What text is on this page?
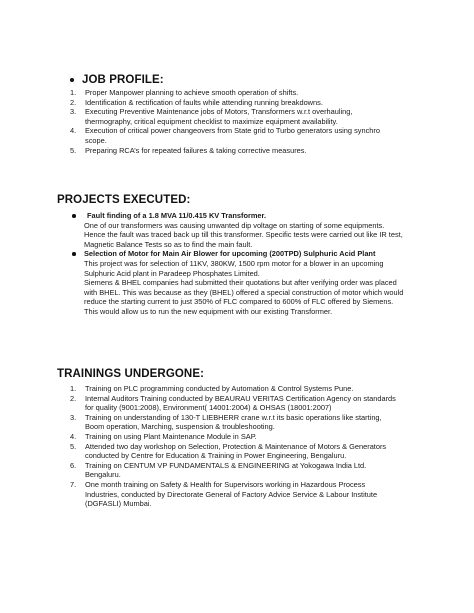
JOB PROFILE:
1. Proper Manpower planning to achieve smooth operation of shifts.
2. Identification & rectification of faults while attending running breakdowns.
3. Executing Preventive Maintenance jobs of Motors, Transformers w.r.t overhauling, thermography, critical equipment checklist to maximize equipment availability.
4. Execution of critical power changeovers from State grid to Turbo generators using synchro scope.
5. Preparing RCA’s for repeated failures & taking corrective measures.
PROJECTS EXECUTED:
Fault finding of a 1.8 MVA 11/0.415 KV Transformer.
One of our transformers was causing unwanted dip voltage on starting of some equipments. Hence the fault was traced back up till this transformer. Specific tests were carried out like IR test, Magnetic Balance Tests so as to find the main fault.
Selection of Motor for Main Air Blower for upcoming (200TPD) Sulphuric Acid Plant
This project was for selection of 11KV, 380KW, 1500 rpm motor for a blower in an upcoming Sulphuric Acid plant in Paradeep Phosphates Limited.
Siemens & BHEL companies had submitted their quotations but after verifying order was placed with BHEL. This was because as they (BHEL) offered a special construction of motor which would reduce the starting current to just 350% of FLC compared to 600% of FLC offered by Siemens. This would allow us to run the new equipment with our existing Transformer.
TRAININGS UNDERGONE:
1. Training on PLC programming conducted by Automation & Control Systems Pune.
2. Internal Auditors Training conducted by BEAURAU VERITAS Certification Agency on standards for quality (9001:2008), Environment( 14001:2004) & OHSAS (18001:2007)
3. Training on understanding of 130-T LIEBHERR crane w.r.t its basic operations like starting, Boom operation, Marching, suspension & troubleshooting.
4. Training on using Plant Maintenance Module in SAP.
5. Attended two day workshop on Selection, Protection & Maintenance of Motors & Generators conducted by Centre for Education & Training in Power Engineering, Bengaluru.
6. Training on CENTUM VP FUNDAMENTALS & ENGINEERING at Yokogawa India Ltd. Bengaluru.
7. One month training on Safety & Health for Supervisors working in Hazardous Process Industries, conducted by Directorate General of Factory Advice Service & Labour Institute (DGFASLI) Mumbai.
